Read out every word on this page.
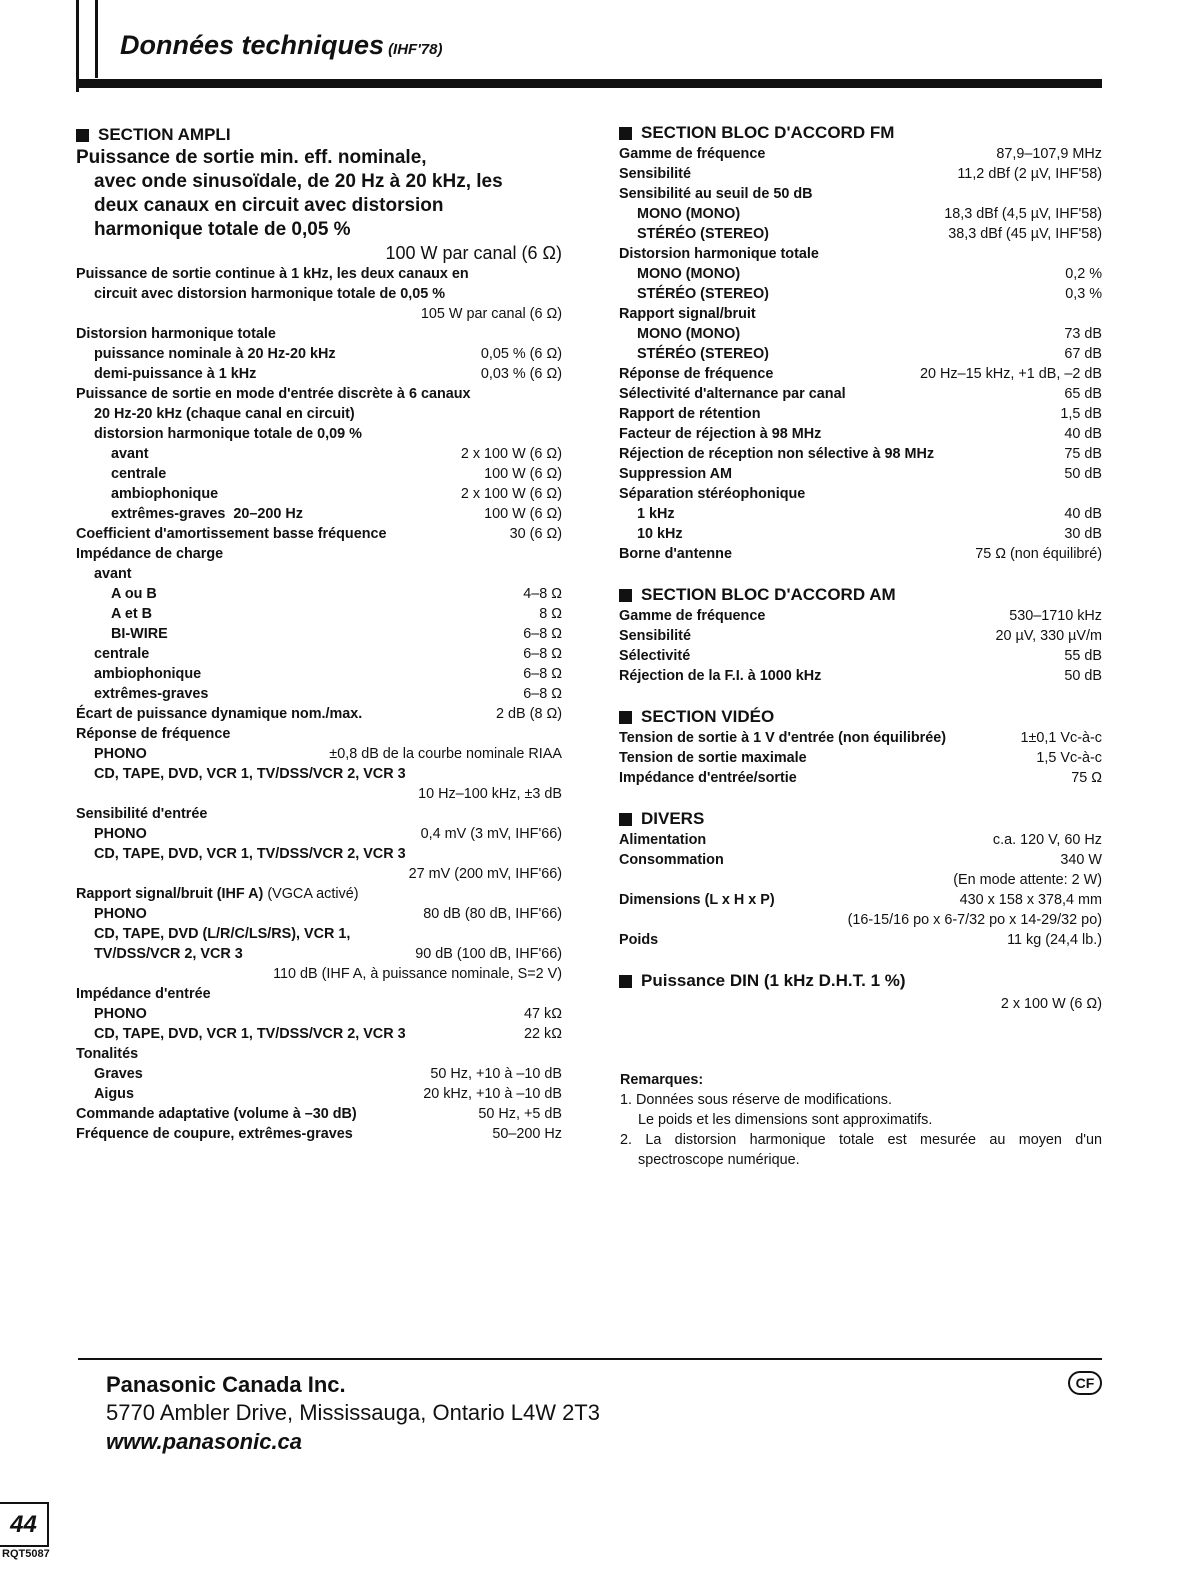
Données techniques (IHF'78)
SECTION AMPLI
Puissance de sortie min. eff. nominale,
avec onde sinusoïdale, de 20 Hz à 20 kHz, les
deux canaux en circuit avec distorsion
harmonique totale de 0,05 %
100 W par canal (6 Ω)
Puissance de sortie continue à 1 kHz, les deux canaux en
circuit avec distorsion harmonique totale de 0,05 %
105 W par canal (6 Ω)
Distorsion harmonique totale
puissance nominale à 20 Hz-20 kHz	0,05 % (6 Ω)
demi-puissance à 1 kHz	0,03 % (6 Ω)
Puissance de sortie en mode d'entrée discrète à 6 canaux
20 Hz-20 kHz (chaque canal en circuit)
distorsion harmonique totale de 0,09 %
avant	2 x 100 W (6 Ω)
centrale	100 W (6 Ω)
ambiophonique	2 x 100 W (6 Ω)
extrêmes-graves  20–200 Hz	100 W (6 Ω)
Coefficient d'amortissement basse fréquence	30 (6 Ω)
Impédance de charge
avant
A ou B	4–8 Ω
A et B	8 Ω
BI-WIRE	6–8 Ω
centrale	6–8 Ω
ambiophonique	6–8 Ω
extrêmes-graves	6–8 Ω
Écart de puissance dynamique nom./max.	2 dB (8 Ω)
Réponse de fréquence
PHONO	±0,8 dB de la courbe nominale RIAA
CD, TAPE, DVD, VCR 1, TV/DSS/VCR 2, VCR 3
10 Hz–100 kHz, ±3 dB
Sensibilité d'entrée
PHONO	0,4 mV (3 mV, IHF'66)
CD, TAPE, DVD, VCR 1, TV/DSS/VCR 2, VCR 3
27 mV (200 mV, IHF'66)
Rapport signal/bruit (IHF A) (VGCA activé)
PHONO	80 dB (80 dB, IHF'66)
CD, TAPE, DVD (L/R/C/LS/RS), VCR 1,
TV/DSS/VCR 2, VCR 3	90 dB (100 dB, IHF'66)
110 dB (IHF A, à puissance nominale, S=2 V)
Impédance d'entrée
PHONO	47 kΩ
CD, TAPE, DVD, VCR 1, TV/DSS/VCR 2, VCR 3	22 kΩ
Tonalités
Graves	50 Hz, +10 à –10 dB
Aigus	20 kHz, +10 à –10 dB
Commande adaptative (volume à –30 dB)	50 Hz, +5 dB
Fréquence de coupure, extrêmes-graves	50–200 Hz
SECTION BLOC D'ACCORD FM
Gamme de fréquence	87,9–107,9 MHz
Sensibilité	11,2 dBf (2 µV, IHF'58)
Sensibilité au seuil de 50 dB
MONO (MONO)	18,3 dBf (4,5 µV, IHF'58)
STÉRÉO (STEREO)	38,3 dBf (45 µV, IHF'58)
Distorsion harmonique totale
MONO (MONO)	0,2 %
STÉRÉO (STEREO)	0,3 %
Rapport signal/bruit
MONO (MONO)	73 dB
STÉRÉO (STEREO)	67 dB
Réponse de fréquence	20 Hz–15 kHz, +1 dB, –2 dB
Sélectivité d'alternance par canal	65 dB
Rapport de rétention	1,5 dB
Facteur de réjection à 98 MHz	40 dB
Réjection de réception non sélective à 98 MHz	75 dB
Suppression AM	50 dB
Séparation stéréophonique
1 kHz	40 dB
10 kHz	30 dB
Borne d'antenne	75 Ω (non équilibré)
SECTION BLOC D'ACCORD AM
Gamme de fréquence	530–1710 kHz
Sensibilité	20 µV, 330 µV/m
Sélectivité	55 dB
Réjection de la F.I. à 1000 kHz	50 dB
SECTION VIDÉO
Tension de sortie à 1 V d'entrée (non équilibrée)	1±0,1 Vc-à-c
Tension de sortie maximale	1,5 Vc-à-c
Impédance d'entrée/sortie	75 Ω
DIVERS
Alimentation	c.a. 120 V, 60 Hz
Consommation	340 W
(En mode attente: 2 W)
Dimensions (L x H x P)	430 x 158 x 378,4 mm
(16-15/16 po x 6-7/32 po x 14-29/32 po)
Poids	11 kg (24,4 lb.)
Puissance DIN (1 kHz D.H.T. 1 %)
2 x 100 W (6 Ω)
Remarques:
1. Données sous réserve de modifications.
Le poids et les dimensions sont approximatifs.
2. La distorsion harmonique totale est mesurée au moyen d'un spectroscope numérique.
Panasonic Canada Inc.
5770 Ambler Drive, Mississauga, Ontario L4W 2T3
www.panasonic.ca
CF
44
RQT5087
